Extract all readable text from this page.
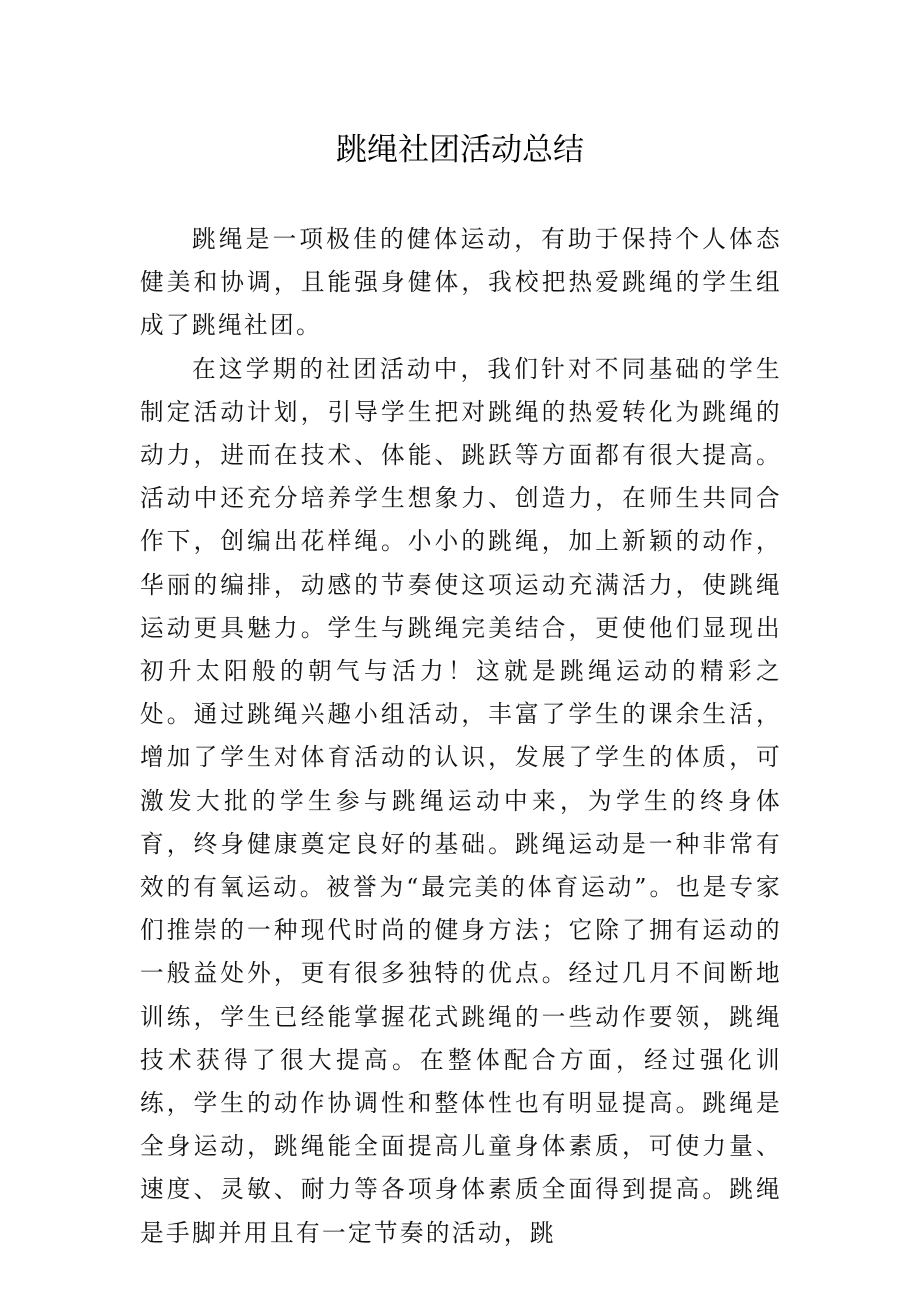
跳绳社团活动总结

跳绳是一项极佳的健体运动，有助于保持个人体态健美和协调，且能强身健体，我校把热爱跳绳的学生组成了跳绳社团。

在这学期的社团活动中，我们针对不同基础的学生制定活动计划，引导学生把对跳绳的热爱转化为跳绳的动力，进而在技术、体能、跳跃等方面都有很大提高。活动中还充分培养学生想象力、创造力，在师生共同合作下，创编出花样绳。小小的跳绳，加上新颖的动作，华丽的编排，动感的节奏使这项运动充满活力，使跳绳运动更具魅力。学生与跳绳完美结合，更使他们显现出初升太阳般的朝气与活力！这就是跳绳运动的精彩之处。通过跳绳兴趣小组活动，丰富了学生的课余生活，增加了学生对体育活动的认识，发展了学生的体质，可激发大批的学生参与跳绳运动中来，为学生的终身体育，终身健康奠定良好的基础。跳绳运动是一种非常有效的有氧运动。被誉为“最完美的体育运动”。也是专家们推崇的一种现代时尚的健身方法；它除了拥有运动的一般益处外，更有很多独特的优点。经过几月不间断地训练，学生已经能掌握花式跳绳的一些动作要领，跳绳技术获得了很大提高。在整体配合方面，经过强化训练，学生的动作协调性和整体性也有明显提高。跳绳是全身运动，跳绳能全面提高儿童身体素质，可使力量、速度、灵敏、耐力等各项身体素质全面得到提高。跳绳是手脚并用且有一定节奏的活动，跳
